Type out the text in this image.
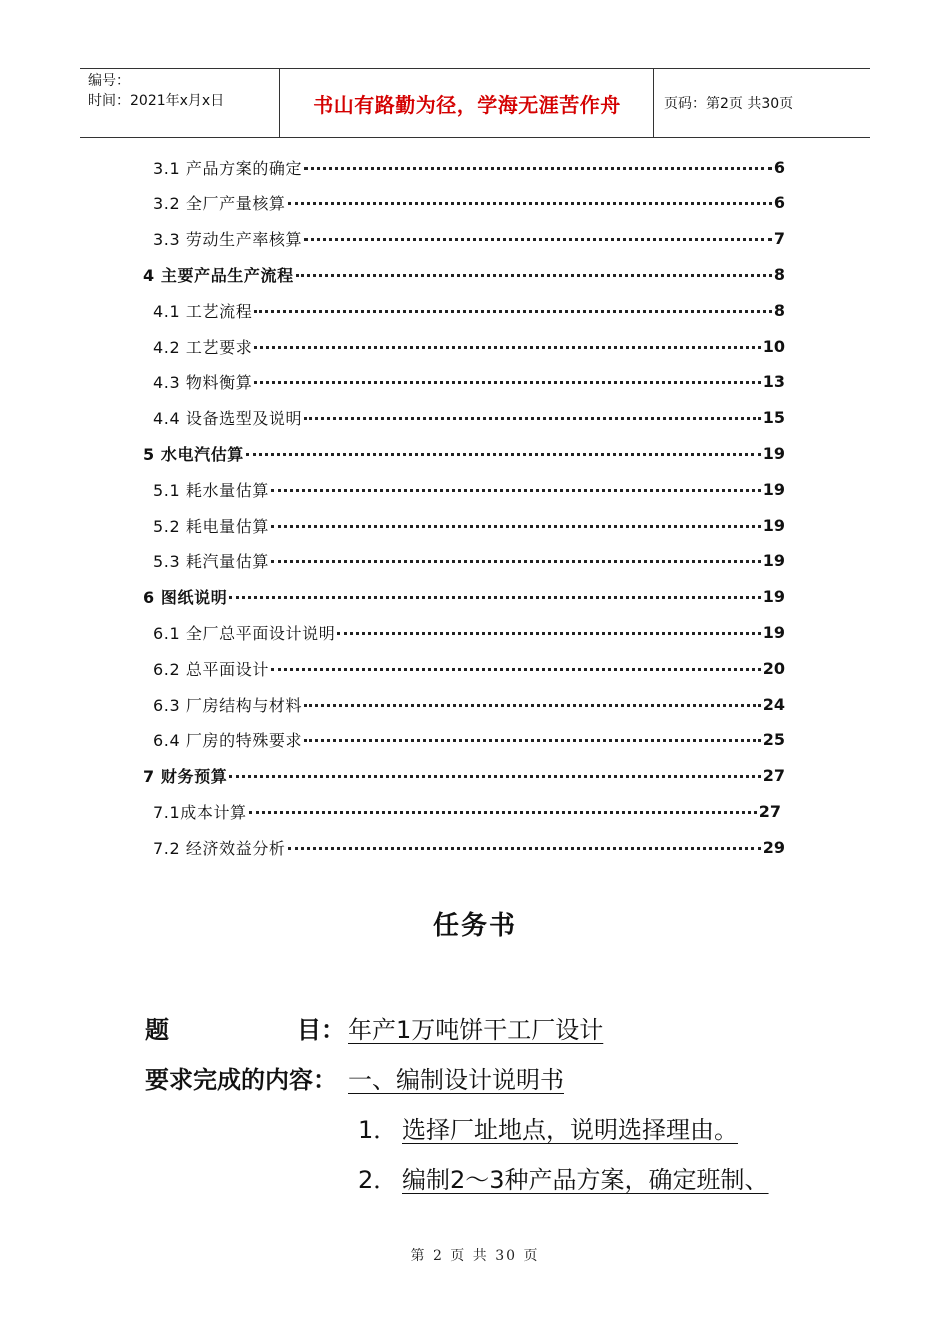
编号：
时间：2021年x月x日	书山有路勤为径，学海无涯苦作舟	页码：第2页 共30页
3.1 产品方案的确定	6
3.2 全厂产量核算	6
3.3 劳动生产率核算	7
4 主要产品生产流程	8
4.1 工艺流程	8
4.2 工艺要求	10
4.3 物料衡算	13
4.4 设备选型及说明	15
5 水电汽估算	19
5.1 耗水量估算	19
5.2 耗电量估算	19
5.3 耗汽量估算	19
6 图纸说明	19
6.1 全厂总平面设计说明	19
6.2 总平面设计	20
6.3 厂房结构与材料	24
6.4 厂房的特殊要求	25
7 财务预算	27
7.1成本计算	27
7.2 经济效益分析	29
任务书
题	目： 年产1万吨饼干工厂设计
要求完成的内容： 一、编制设计说明书
1． 选择厂址地点，说明选择理由。
2． 编制2～3种产品方案，确定班制、
第 2 页 共 30 页
